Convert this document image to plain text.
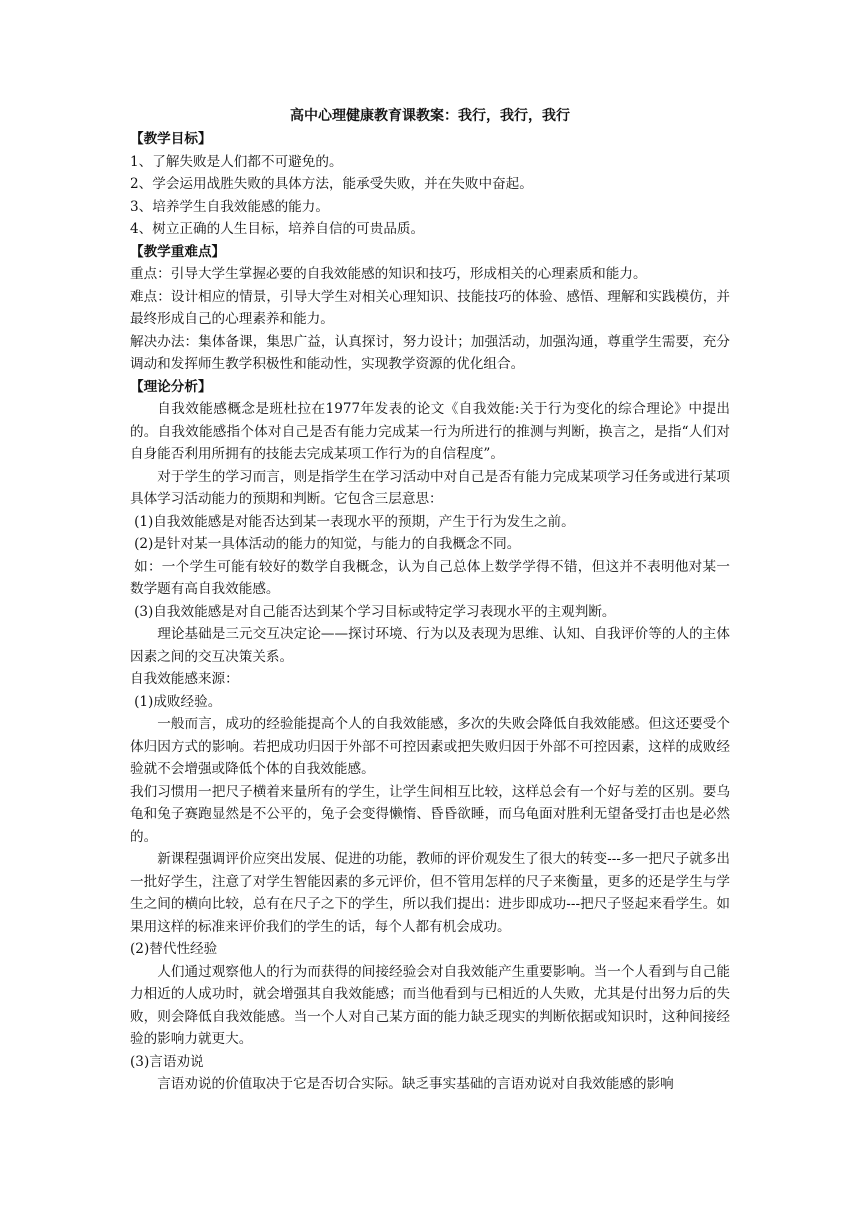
高中心理健康教育课教案：我行，我行，我行

【教学目标】

1、了解失败是人们都不可避免的。

2、学会运用战胜失败的具体方法，能承受失败，并在失败中奋起。

3、培养学生自我效能感的能力。

4、树立正确的人生目标，培养自信的可贵品质。

【教学重难点】

重点：引导大学生掌握必要的自我效能感的知识和技巧，形成相关的心理素质和能力。

难点：设计相应的情景，引导大学生对相关心理知识、技能技巧的体验、感悟、理解和实践模仿，并最终形成自己的心理素养和能力。

解决办法：集体备课，集思广益，认真探讨，努力设计；加强活动，加强沟通，尊重学生需要，充分调动和发挥师生教学积极性和能动性，实现教学资源的优化组合。

【理论分析】

自我效能感概念是班杜拉在1977年发表的论文《自我效能:关于行为变化的综合理论》中提出的。自我效能感指个体对自己是否有能力完成某一行为所进行的推测与判断，换言之，是指“人们对自身能否利用所拥有的技能去完成某项工作行为的自信程度”。

对于学生的学习而言，则是指学生在学习活动中对自己是否有能力完成某项学习任务或进行某项具体学习活动能力的预期和判断。它包含三层意思：

(1)自我效能感是对能否达到某一表现水平的预期，产生于行为发生之前。

(2)是针对某一具体活动的能力的知觉，与能力的自我概念不同。

如：一个学生可能有较好的数学自我概念，认为自己总体上数学学得不错，但这并不表明他对某一数学题有高自我效能感。

(3)自我效能感是对自己能否达到某个学习目标或特定学习表现水平的主观判断。

理论基础是三元交互决定论——探讨环境、行为以及表现为思维、认知、自我评价等的人的主体因素之间的交互决策关系。

自我效能感来源：

(1)成败经验。

一般而言，成功的经验能提高个人的自我效能感，多次的失败会降低自我效能感。但这还要受个体归因方式的影响。若把成功归因于外部不可控因素或把失败归因于外部不可控因素，这样的成败经验就不会增强或降低个体的自我效能感。

我们习惯用一把尺子横着来量所有的学生，让学生间相互比较，这样总会有一个好与差的区别。要乌龟和兔子赛跑显然是不公平的，兔子会变得懒惰、昏昏欲睡，而乌龟面对胜利无望备受打击也是必然的。

新课程强调评价应突出发展、促进的功能，教师的评价观发生了很大的转变---多一把尺子就多出一批好学生，注意了对学生智能因素的多元评价，但不管用怎样的尺子来衡量，更多的还是学生与学生之间的横向比较，总有在尺子之下的学生，所以我们提出：进步即成功---把尺子竖起来看学生。如果用这样的标准来评价我们的学生的话，每个人都有机会成功。

(2)替代性经验

人们通过观察他人的行为而获得的间接经验会对自我效能产生重要影响。当一个人看到与自己能力相近的人成功时，就会增强其自我效能感；而当他看到与已相近的人失败，尤其是付出努力后的失败，则会降低自我效能感。当一个人对自己某方面的能力缺乏现实的判断依据或知识时，这种间接经验的影响力就更大。

(3)言语劝说

言语劝说的价值取决于它是否切合实际。缺乏事实基础的言语劝说对自我效能感的影响
